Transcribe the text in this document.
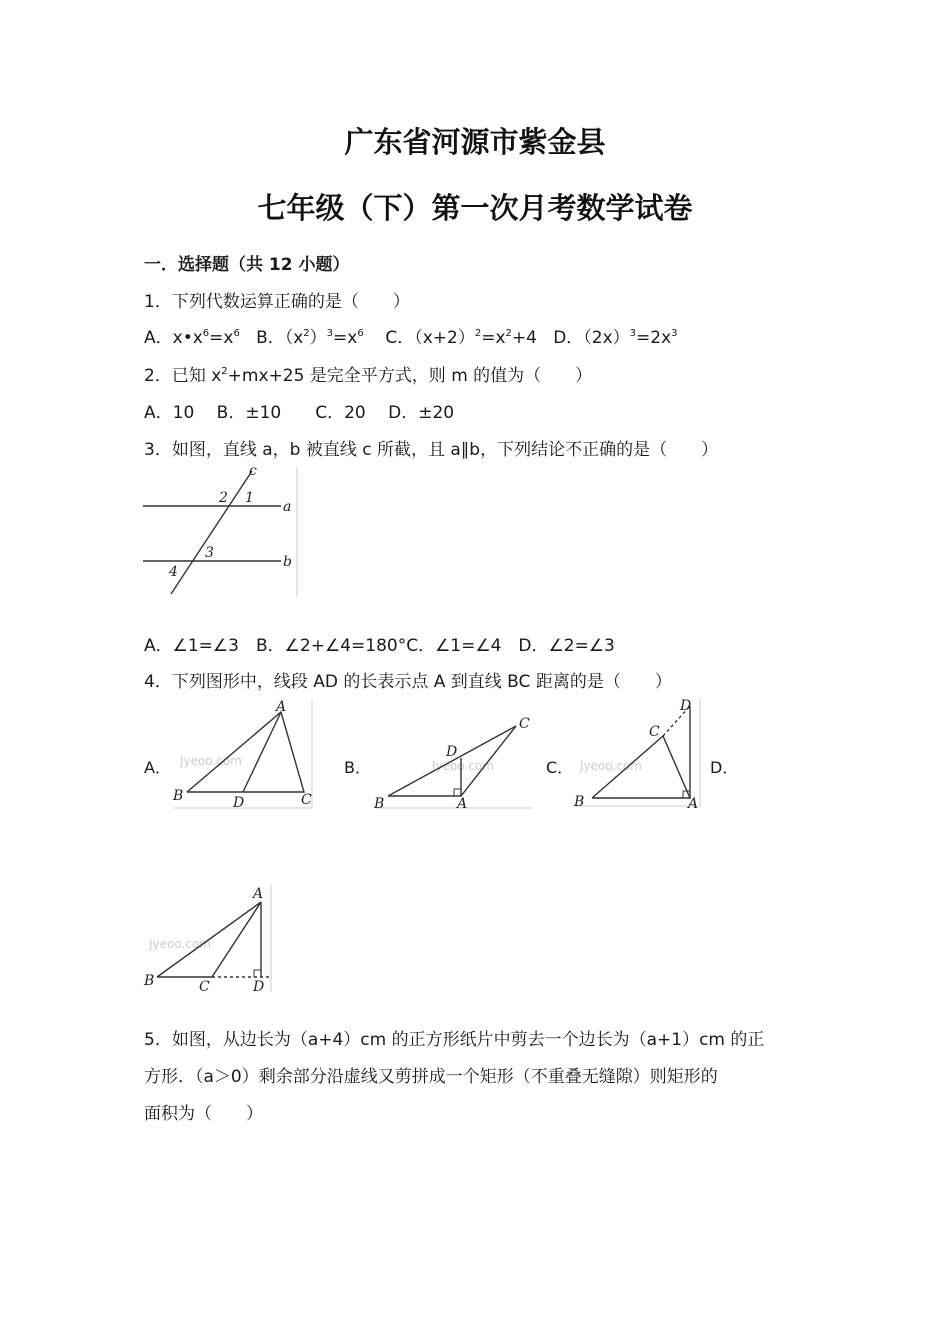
广东省河源市紫金县
七年级（下）第一次月考数学试卷
一．选择题（共 12 小题）
1．下列代数运算正确的是（　　）
A．$x•x^6=x^6$ B．$(x^2)^3=x^6$ C．$(x+2)^2=x^2+4$ D．$(2x)^3=2x^3$
2．已知 $x^2+mx+25$ 是完全平方式，则 m 的值为（　　）
A．10　 B．±10　　C．20　 D．±20
3．如图，直线 a，b 被直线 c 所截，且 a∥b，下列结论不正确的是（　　）
c
a
b
1
2
3
4
A．∠1=∠3　B．∠2+∠4=180°C．∠1=∠4　D．∠2=∠3
4．下列图形中，线段 AD 的长表示点 A 到直线 BC 距离的是（　　）
A． Jyeoo.com
A
B	D	C
B．	Jyeoo.com
B	A
D
C
C． Jyeoo.com
B
C
D
A
D．
Jyeoo.com
A
B	C	D
5．如图，从边长为（a+4）cm 的正方形纸片中剪去一个边长为（a+1）cm 的正
方形．（a＞0）剩余部分沿虚线又剪拼成一个矩形（不重叠无缝隙）则矩形的
面积为（　　）
